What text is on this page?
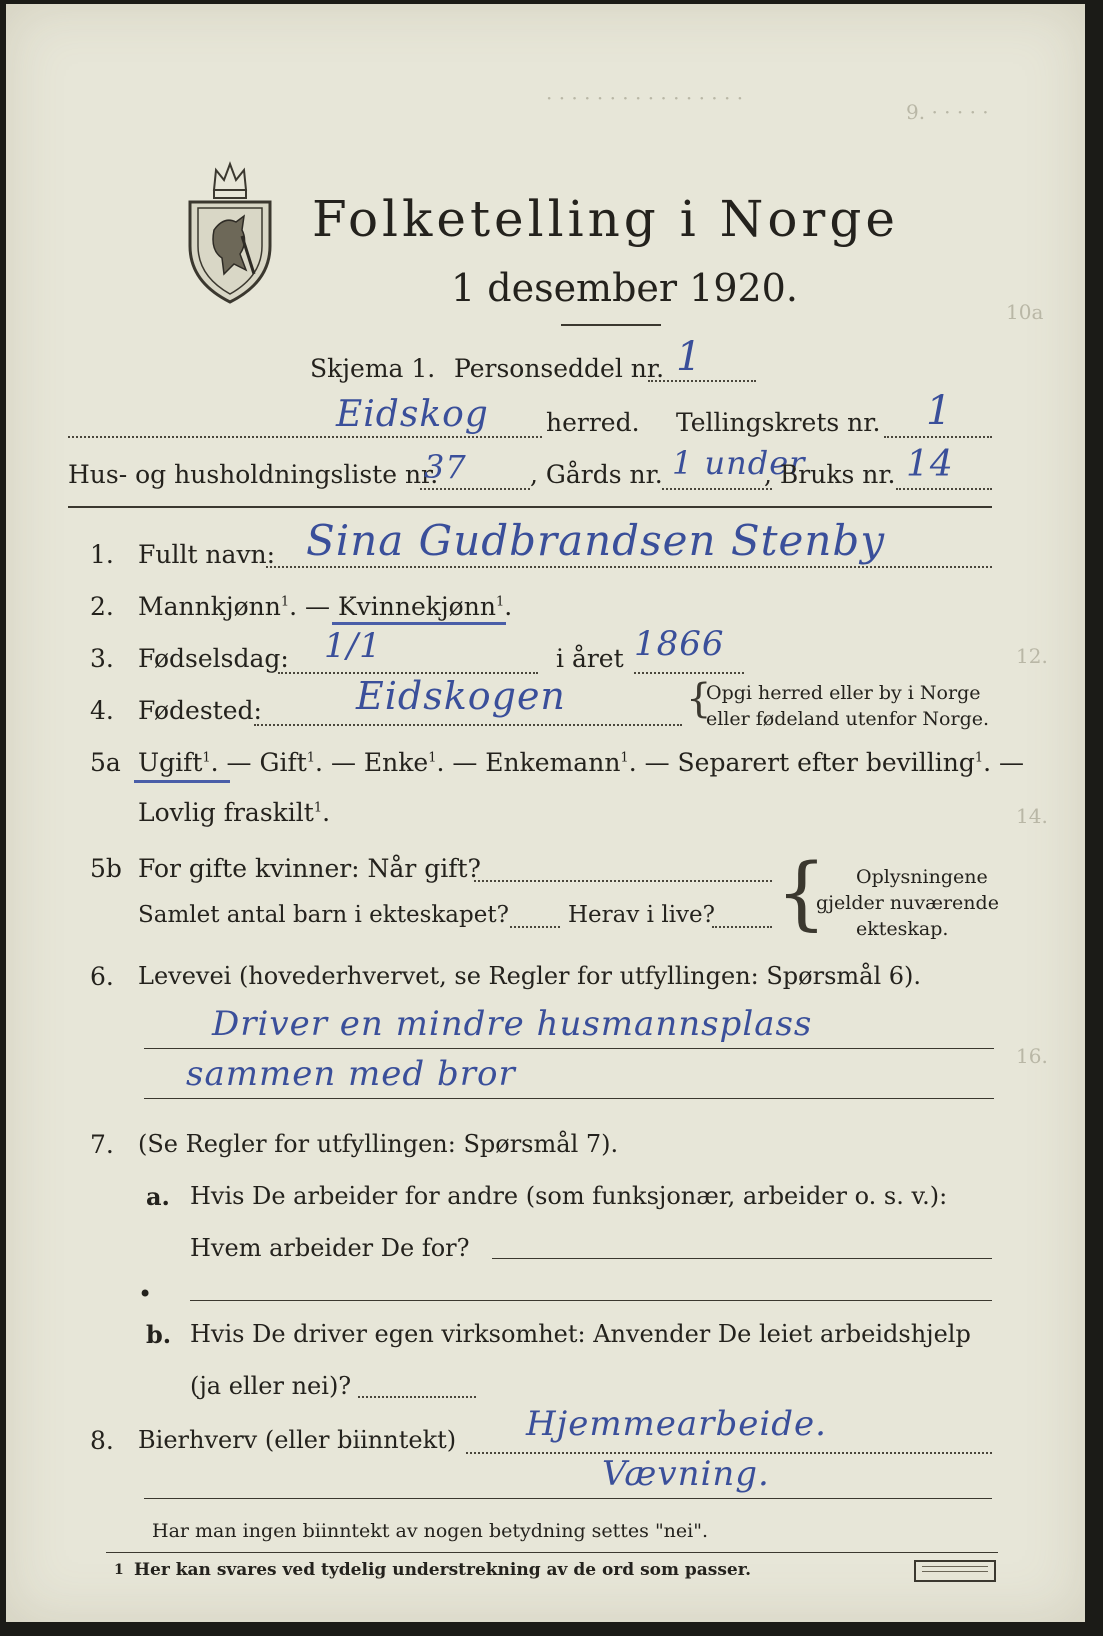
· · · · · · · · · · · · · · · ·
9. · · · · ·
10a
12.
14.
16.
Folketelling i Norge
1 desember 1920.
Skjema 1. Personseddel nr. 1
Eidskog herred. Tellingskrets nr. 1
Hus- og husholdningsliste nr.
37	, Gårds nr. 1 under
, Bruks nr. 14
1. Fullt navn: Sina Gudbrandsen Stenby
2. Mannkjønn$^1$. — Kvinnekjønn$^1$.
3. Fødselsdag: 1/1	i året 1866
4. Fødested: Eidskogen	{
Opgi herred eller by i Norge
eller fødeland utenfor Norge.
5a Ugift$^1$. — Gift$^1$. — Enke$^1$. — Enkemann$^1$. — Separert efter bevilling$^1$. —
Lovlig fraskilt$^1$.
5b For gifte kvinner: Når gift?
Samlet antal barn i ekteskapet?	Herav i live? { Oplysningene
gjelder nuværende
ekteskap.
6. Levevei (hovederhvervet, se Regler for utfyllingen: Spørsmål 6).
Driver en mindre husmannsplass
sammen med bror
7. (Se Regler for utfyllingen: Spørsmål 7).
a. Hvis De arbeider for andre (som funksjonær, arbeider o. s. v.):
Hvem arbeider De for?
•
b. Hvis De driver egen virksomhet: Anvender De leiet arbeidshjelp
(ja eller nei)?
8. Bierhverv (eller biinntekt) Hjemmearbeide.
Vævning.
Har man ingen biinntekt av nogen betydning settes "nei".
1 Her kan svares ved tydelig understrekning av de ord som passer.
